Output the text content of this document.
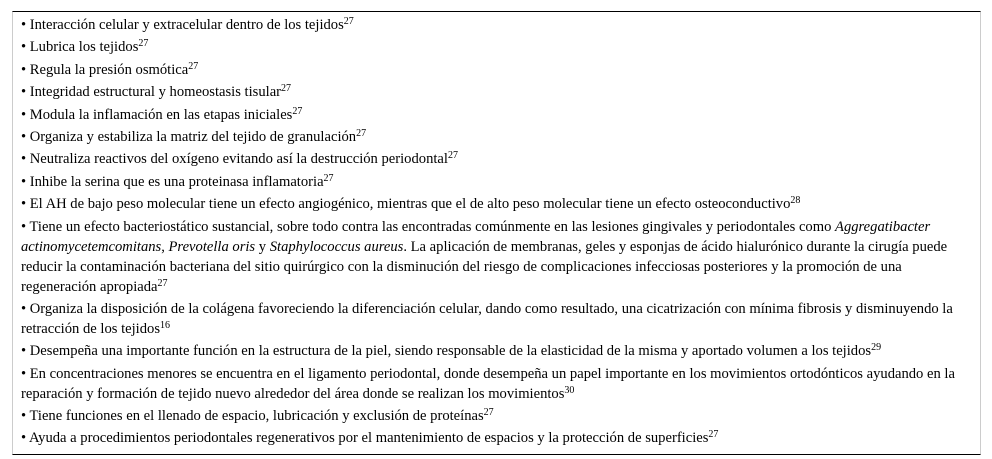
• Interacción celular y extracelular dentro de los tejidos$^{27}$
• Lubrica los tejidos$^{27}$
• Regula la presión osmótica$^{27}$
• Integridad estructural y homeostasis tisular$^{27}$
• Modula la inflamación en las etapas iniciales$^{27}$
• Organiza y estabiliza la matriz del tejido de granulación$^{27}$
• Neutraliza reactivos del oxígeno evitando así la destrucción periodontal$^{27}$
• Inhibe la serina que es una proteinasa inflamatoria$^{27}$
• El AH de bajo peso molecular tiene un efecto angiogénico, mientras que el de alto peso molecular tiene un efecto osteoconductivo$^{28}$
• Tiene un efecto bacteriostático sustancial, sobre todo contra las encontradas comúnmente en las lesiones gingivales y periodontales como Aggregatibacter actinomycetemcomitans, Prevotella oris y Staphylococcus aureus. La aplicación de membranas, geles y esponjas de ácido hialurónico durante la cirugía puede reducir la contaminación bacteriana del sitio quirúrgico con la disminución del riesgo de complicaciones infecciosas posteriores y la promoción de una regeneración apropiada$^{27}$
• Organiza la disposición de la colágena favoreciendo la diferenciación celular, dando como resultado, una cicatrización con mínima fibrosis y disminuyendo la retracción de los tejidos$^{16}$
• Desempeña una importante función en la estructura de la piel, siendo responsable de la elasticidad de la misma y aportado volumen a los tejidos$^{29}$
• En concentraciones menores se encuentra en el ligamento periodontal, donde desempeña un papel importante en los movimientos ortodónticos ayudando en la reparación y formación de tejido nuevo alrededor del área donde se realizan los movimientos$^{30}$
• Tiene funciones en el llenado de espacio, lubricación y exclusión de proteínas$^{27}$
• Ayuda a procedimientos periodontales regenerativos por el mantenimiento de espacios y la protección de superficies$^{27}$
